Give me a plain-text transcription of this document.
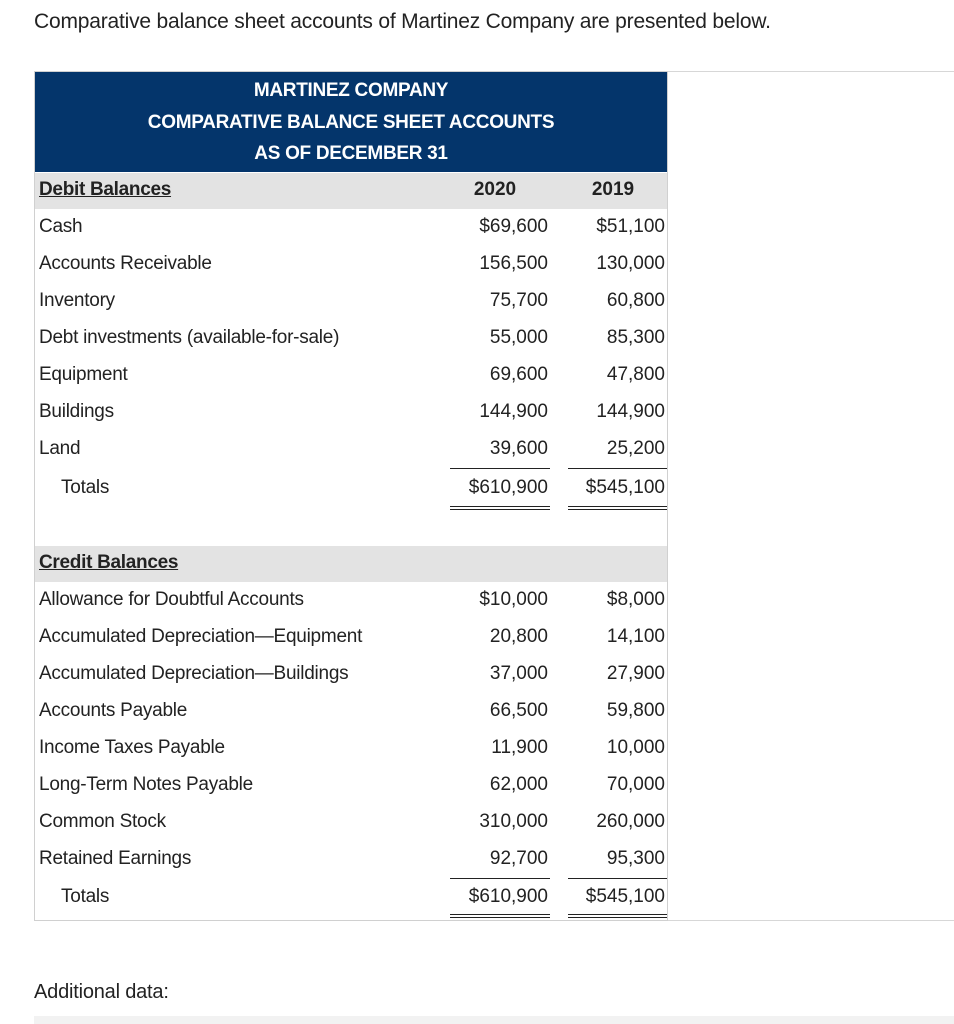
Comparative balance sheet accounts of Martinez Company are presented below.
MARTINEZ COMPANY
COMPARATIVE BALANCE SHEET ACCOUNTS
AS OF DECEMBER 31
Debit Balances	2020	2019
Cash	$69,600	$51,100
Accounts Receivable	156,500	130,000
Inventory	75,700	60,800
Debt investments (available-for-sale)	55,000	85,300
Equipment	69,600	47,800
Buildings	144,900	144,900
Land	39,600	25,200
Totals	$610,900	$545,100
Credit Balances
Allowance for Doubtful Accounts	$10,000	$8,000
Accumulated Depreciation—Equipment	20,800	14,100
Accumulated Depreciation—Buildings	37,000	27,900
Accounts Payable	66,500	59,800
Income Taxes Payable	11,900	10,000
Long-Term Notes Payable	62,000	70,000
Common Stock	310,000	260,000
Retained Earnings	92,700	95,300
Totals	$610,900	$545,100
Additional data:
